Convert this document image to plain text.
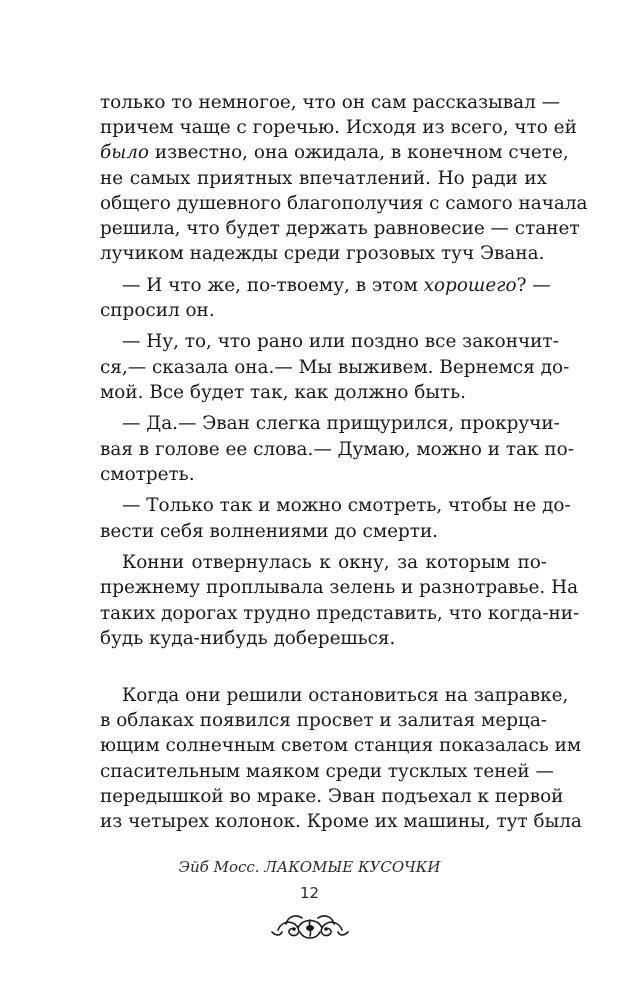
только то немногое, что он сам рассказывал —
причем чаще с горечью. Исходя из всего, что ей
было известно, она ожидала, в конечном счете,
не самых приятных впечатлений. Но ради их
общего душевного благополучия с самого начала
решила, что будет держать равновесие — станет
лучиком надежды среди грозовых туч Эвана.
— И что же, по-твоему, в этом хорошего? —
спросил он.
— Ну, то, что рано или поздно все закончит-
ся,— сказала она.— Мы выживем. Вернемся до-
мой. Все будет так, как должно быть.
— Да.— Эван слегка прищурился, прокручи-
вая в голове ее слова.— Думаю, можно и так по-
смотреть.
— Только так и можно смотреть, чтобы не до-
вести себя волнениями до смерти.
Конни отвернулась к окну, за которым по-
прежнему проплывала зелень и разнотравье. На
таких дорогах трудно представить, что когда-ни-
будь куда-нибудь доберешься.
Когда они решили остановиться на заправке,
в облаках появился просвет и залитая мерца-
ющим солнечным светом станция показалась им
спасительным маяком среди тусклых теней —
передышкой во мраке. Эван подъехал к первой
из четырех колонок. Кроме их машины, тут была
Эйб Мосс. ЛАКОМЫЕ КУСОЧКИ
12
